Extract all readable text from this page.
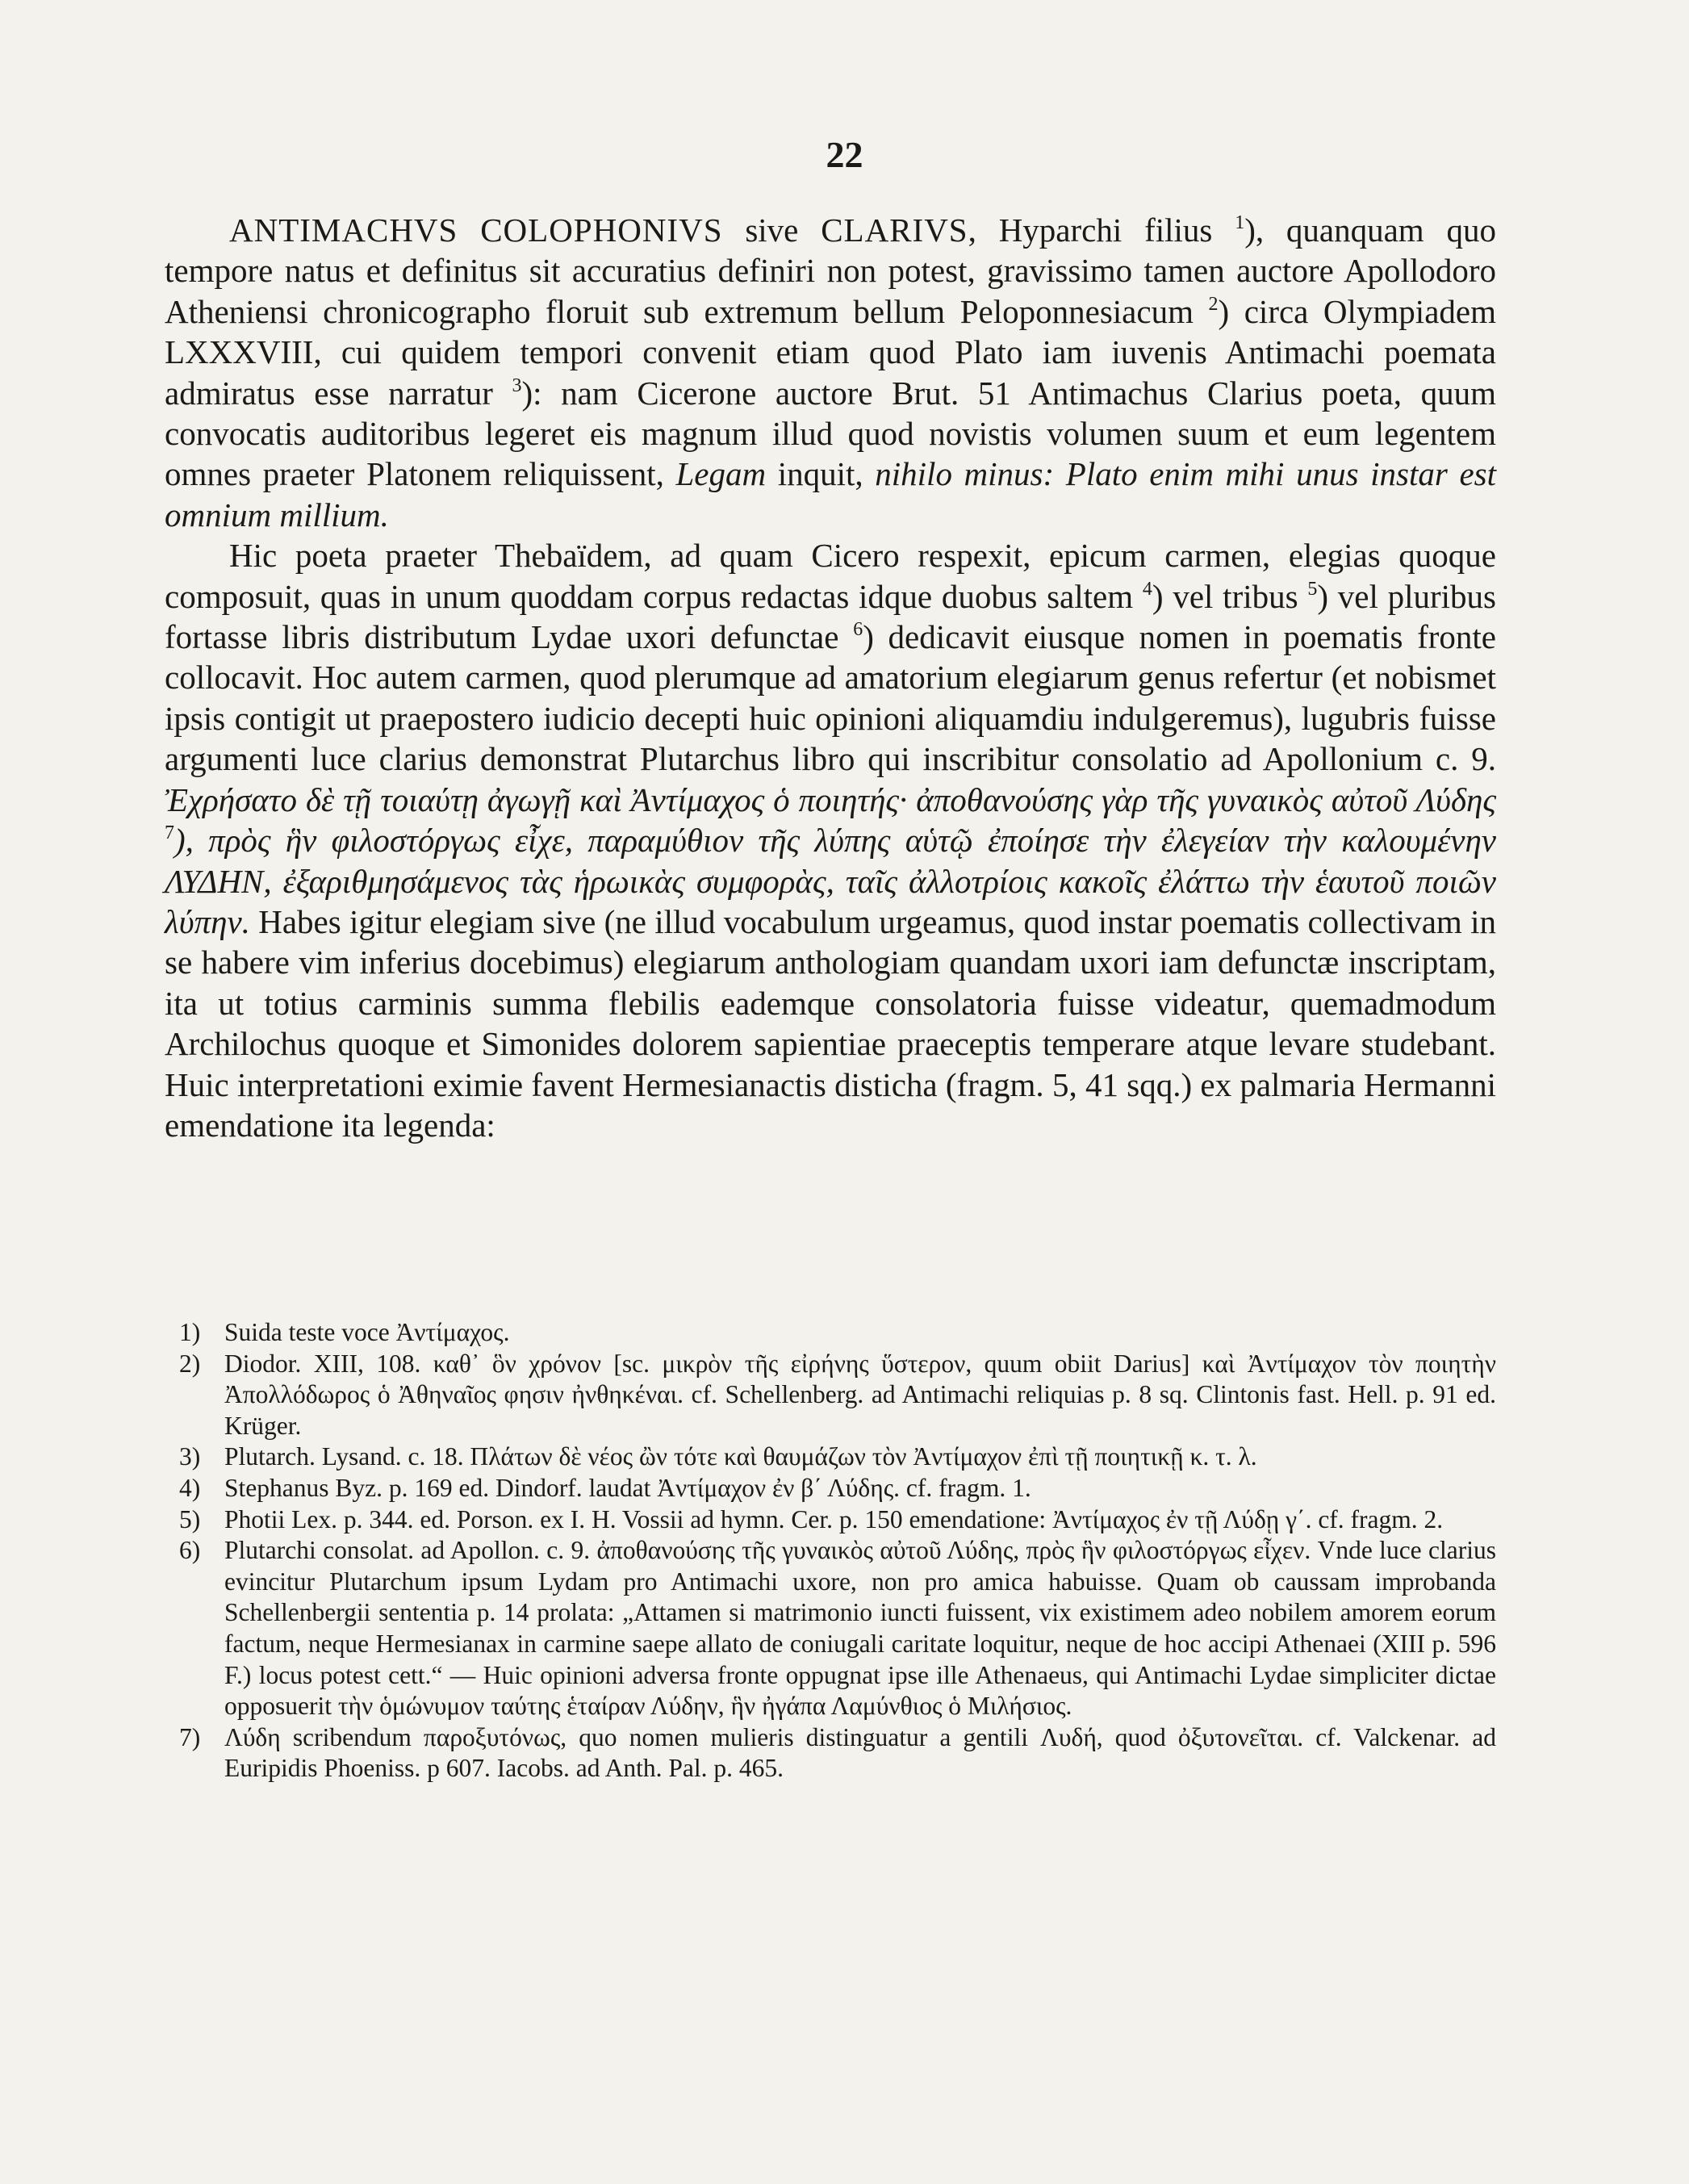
22

ANTIMACHVS COLOPHONIVS sive CLARIVS, Hyparchi filius $^1$), quanquam quo tempore natus et definitus sit accuratius definiri non potest, gravissimo tamen auctore Apollodoro Atheniensi chronicographo floruit sub extremum bellum Peloponnesiacum $^2$) circa Olympiadem LXXXVIII, cui quidem tempori convenit etiam quod Plato iam iuvenis Antimachi poemata admiratus esse narratur $^3$): nam Cicerone auctore Brut. 51 Antimachus Clarius poeta, quum convocatis auditoribus legeret eis magnum illud quod novistis volumen suum et eum legentem omnes praeter Platonem reliquissent, Legam inquit, nihilo minus: Plato enim mihi unus instar est omnium millium.

Hic poeta praeter Thebaïdem, ad quam Cicero respexit, epicum carmen, elegias quoque composuit, quas in unum quoddam corpus redactas idque duobus saltem $^4$) vel tribus $^5$) vel pluribus fortasse libris distributum Lydae uxori defunctae $^6$) dedicavit eiusque nomen in poematis fronte collocavit. Hoc autem carmen, quod plerumque ad amatorium elegiarum genus refertur (et nobismet ipsis contigit ut praepostero iudicio decepti huic opinioni aliquamdiu indulgeremus), lugubris fuisse argumenti luce clarius demonstrat Plutarchus libro qui inscribitur consolatio ad Apollonium c. 9. Ἐχρήσατο δὲ τῇ τοιαύτῃ ἀγωγῇ καὶ Ἀντίμαχος ὁ ποιητής· ἀποθανούσης γὰρ τῆς γυναικὸς αὐτοῦ Λύδης $^7$), πρὸς ἣν φιλοστόργως εἶχε, παραμύθιον τῆς λύπης αὑτῷ ἐποίησε τὴν ἐλεγείαν τὴν καλουμένην ΛΥΔΗΝ, ἐξαριθμησάμενος τὰς ἡρωικὰς συμφορὰς, ταῖς ἀλλοτρίοις κακοῖς ἐλάττω τὴν ἑαυτοῦ ποιῶν λύπην. Habes igitur elegiam sive (ne illud vocabulum urgeamus, quod instar poematis collectivam in se habere vim inferius docebimus) elegiarum anthologiam quandam uxori iam defunctæ inscriptam, ita ut totius carminis summa flebilis eademque consolatoria fuisse videatur, quemadmodum Archilochus quoque et Simonides dolorem sapientiae praeceptis temperare atque levare studebant. Huic interpretationi eximie favent Hermesianactis disticha (fragm. 5, 41 sqq.) ex palmaria Hermanni emendatione ita legenda:

1) Suida teste voce Ἀντίμαχος.
2) Diodor. XIII, 108. καθ᾽ ὃν χρόνον [sc. μικρὸν τῆς εἰρήνης ὕστερον, quum obiit Darius] καὶ Ἀντίμαχον τὸν ποιητὴν Ἀπολλόδωρος ὁ Ἀθηναῖος φησιν ἠνθηκέναι. cf. Schellenberg. ad Antimachi reliquias p. 8 sq. Clintonis fast. Hell. p. 91 ed. Krüger.
3) Plutarch. Lysand. c. 18. Πλάτων δὲ νέος ὢν τότε καὶ θαυμάζων τὸν Ἀντίμαχον ἐπὶ τῇ ποιητικῇ κ. τ. λ.
4) Stephanus Byz. p. 169 ed. Dindorf. laudat Ἀντίμαχον ἐν β΄ Λύδης. cf. fragm. 1.
5) Photii Lex. p. 344. ed. Porson. ex I. H. Vossii ad hymn. Cer. p. 150 emendatione: Ἀντίμαχος ἐν τῇ Λύδῃ γ΄. cf. fragm. 2.
6) Plutarchi consolat. ad Apollon. c. 9. ἀποθανούσης τῆς γυναικὸς αὐτοῦ Λύδης, πρὸς ἣν φιλοστόργως εἶχεν. Vnde luce clarius evincitur Plutarchum ipsum Lydam pro Antimachi uxore, non pro amica habuisse. Quam ob caussam improbanda Schellenbergii sententia p. 14 prolata: „Attamen si matrimonio iuncti fuissent, vix existimem adeo nobilem amorem eorum factum, neque Hermesianax in carmine saepe allato de coniugali caritate loquitur, neque de hoc accipi Athenaei (XIII p. 596 F.) locus potest cett.“ — Huic opinioni adversa fronte oppugnat ipse ille Athenaeus, qui Antimachi Lydae simpliciter dictae opposuerit τὴν ὁμώνυμον ταύτης ἑταίραν Λύδην, ἣν ἠγάπα Λαμύνθιος ὁ Μιλήσιος.
7) Λύδη scribendum παροξυτόνως, quo nomen mulieris distinguatur a gentili Λυδή, quod ὀξυτονεῖται. cf. Valckenar. ad Euripidis Phoeniss. p 607. Iacobs. ad Anth. Pal. p. 465.
